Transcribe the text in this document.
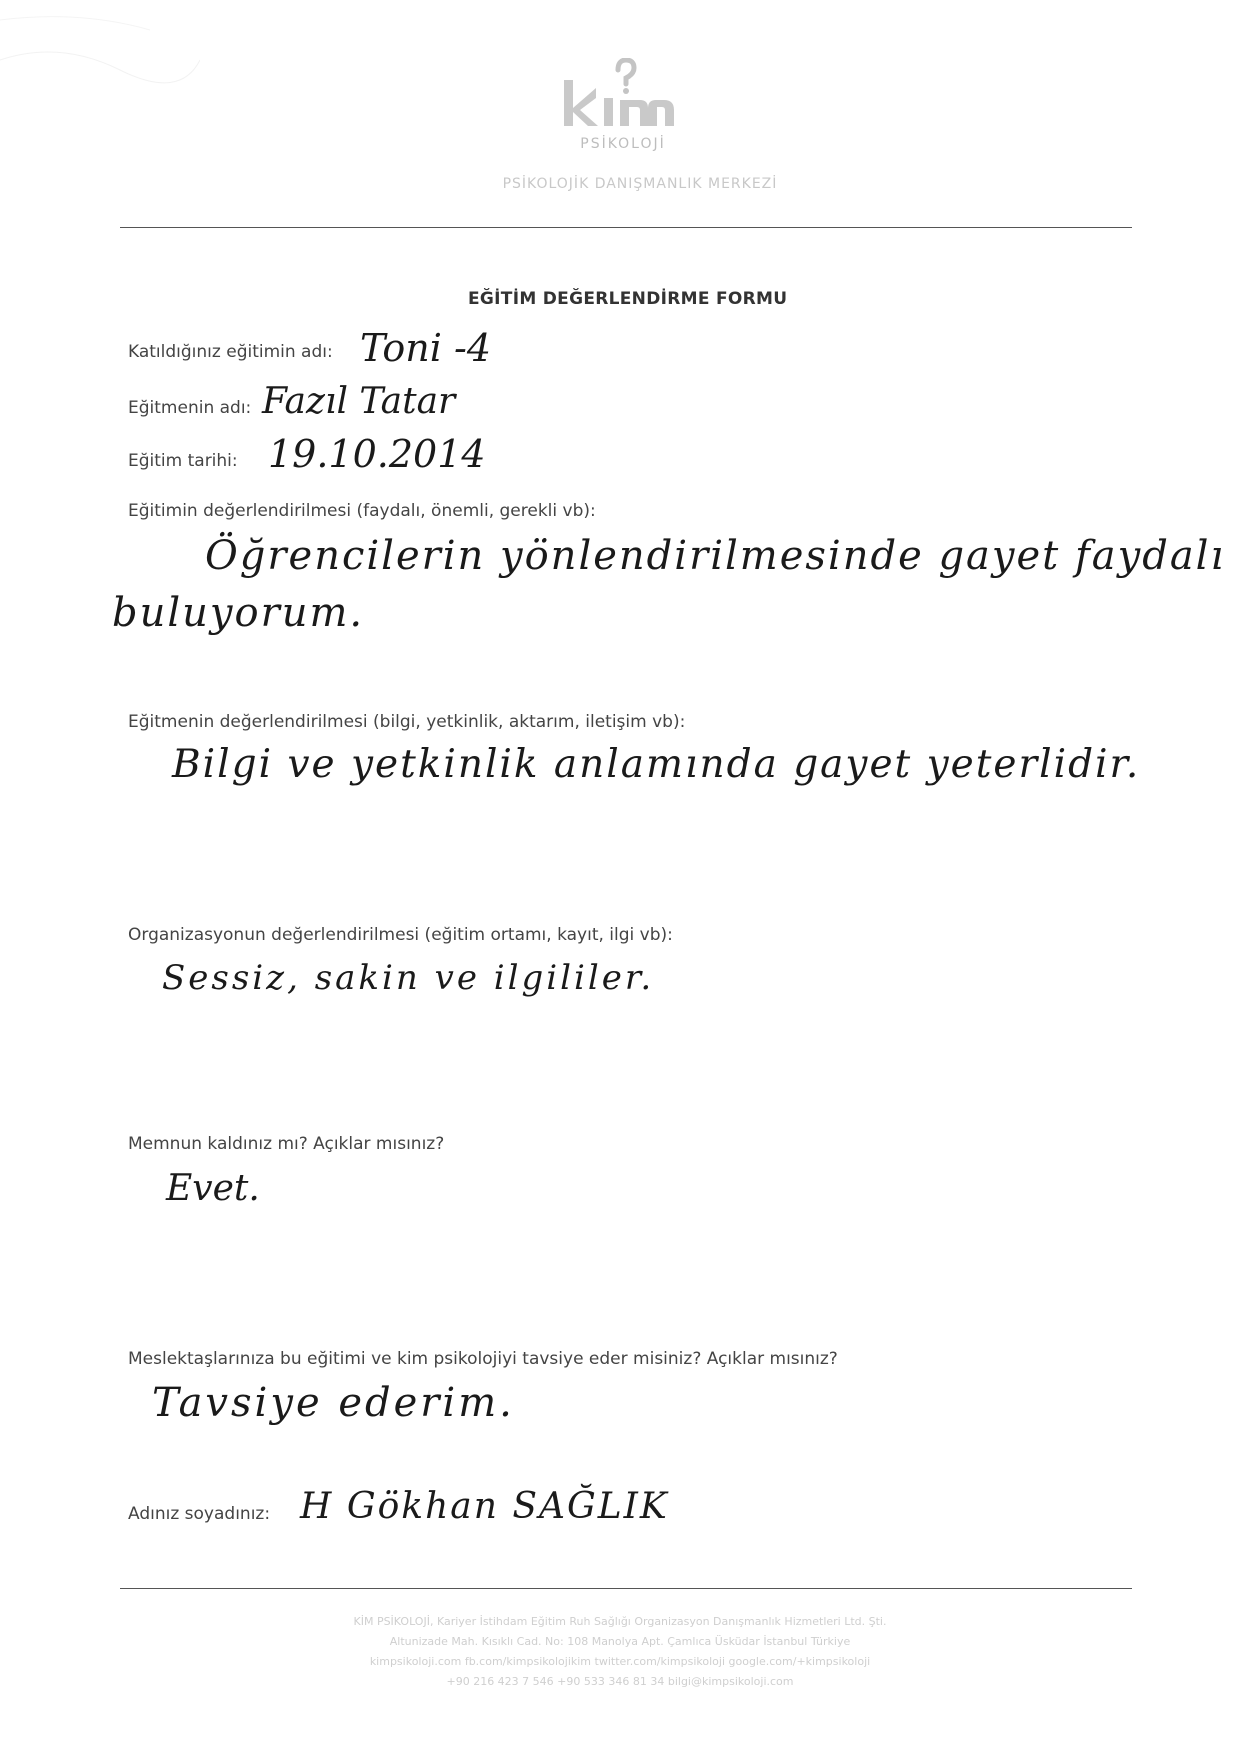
PSİKOLOJİ
PSİKOLOJİK DANIŞMANLIK MERKEZİ
EĞİTİM DEĞERLENDİRME FORMU
Katıldığınız eğitimin adı: Toni -4
Eğitmenin adı: Fazıl Tatar
Eğitim tarihi: 19.10.2014
Eğitimin değerlendirilmesi (faydalı, önemli, gerekli vb):
Öğrencilerin yönlendirilmesinde gayet faydalı
buluyorum.
Eğitmenin değerlendirilmesi (bilgi, yetkinlik, aktarım, iletişim vb):
Bilgi ve yetkinlik anlamında gayet yeterlidir.
Organizasyonun değerlendirilmesi (eğitim ortamı, kayıt, ilgi vb):
Sessiz, sakin ve ilgililer.
Memnun kaldınız mı? Açıklar mısınız?
Evet.
Meslektaşlarınıza bu eğitimi ve kim psikolojiyi tavsiye eder misiniz? Açıklar mısınız?
Tavsiye ederim.
Adınız soyadınız: H Gökhan SAĞLIK
KİM PSİKOLOJİ, Kariyer İstihdam Eğitim Ruh Sağlığı Organizasyon Danışmanlık Hizmetleri Ltd. Şti.
Altunizade Mah. Kısıklı Cad. No: 108 Manolya Apt. Çamlıca Üsküdar İstanbul Türkiye
kimpsikoloji.com fb.com/kimpsikolojikim twitter.com/kimpsikoloji google.com/+kimpsikoloji
+90 216 423 7 546 +90 533 346 81 34 bilgi@kimpsikoloji.com
